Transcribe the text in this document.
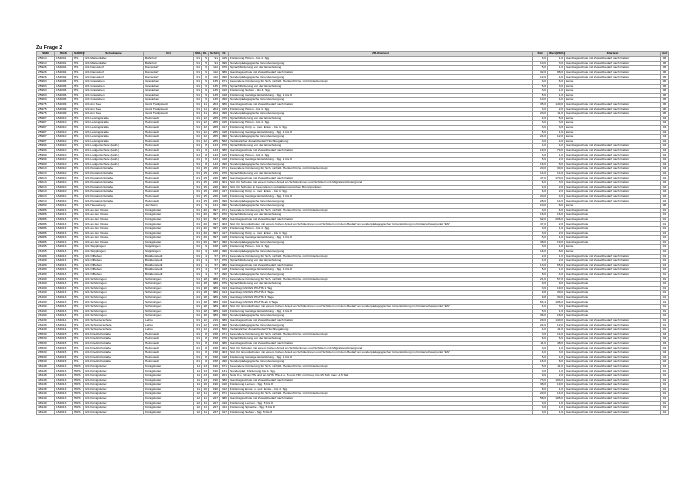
Zu Frage 2
SNR	BGS	SARKZ	Schulname	Ort	SKL	KL	SchCr	IS	ZB-Klartext	Std	Wert(2021)	Klartext	Anf
25914	154001	HS	GS Marienkäfer	Bahnhof	01	5	91	415	Förderung Hören - bis 4. Sjg.	3,0	1,0	Ganztagsschule mit Zusatzbedarf nach Faktor	06
25914	154001	HS	GS Marienkäfer	Bahnhof	01	5	91	490	Sonderpädagogische Grundversorgung	10,0	3,0	Ganztagsschule mit Zusatzbedarf nach Faktor	06
25926	154004	HS	GS Damsdorf	Damsdorf	01	6	112	076	Sprachförderung vor der Einschulung	5,0	1,0	Ganztagsschule mit Zusatzbedarf nach Faktor	06
25926	154004	HS	GS Damsdorf	Damsdorf	01	6	112	380	Ganztagsschule mit Zusatzbedarf nach Faktor	32,0	88,0	Ganztagsschule mit Zusatzbedarf nach Faktor	06
25926	154004	HS	GS Damsdorf	Damsdorf	01	6	112	490	Sonderpädagogische Grundversorgung	12,0	4,0	Ganztagsschule mit Zusatzbedarf nach Faktor	06
25963	154006	HS	GS Grasleben	Grasleben	01	6	135	071	besondere Förderung für Sch. nichtdt. Herkunft bzw. mit Förderkonzept	3,0	6,0	keine	06
25963	154006	HS	GS Grasleben	Grasleben	01	6	135	076	Sprachförderung vor der Einschulung	5,0	3,0	keine	06
25963	154006	HS	GS Grasleben	Grasleben	01	6	135	410	Förderung Sehen - bis 4. Sjg.	3,0	1,0	keine	06
25963	154006	HS	GS Grasleben	Grasleben	01	6	135	418	Förderung Geistige Entwicklung - Sjg. 1 bis 8	5,0	1,0	keine	06
25963	154006	HS	GS Grasleben	Grasleben	01	6	135	490	Sonderpädagogische Grundversorgung	10,0	4,0	keine	06
25975	154009	HS	GS Am See	Groß Twülpstedt	01	11	204	380	Ganztagsschule mit Zusatzbedarf nach Faktor	35,0	140,0	Ganztagsschule mit Zusatzbedarf nach Faktor	06
25975	154009	HS	GS Am See	Groß Twülpstedt	01	11	204	415	Förderung Hören - bis 4. Sjg.	3,0	2,0	Ganztagsschule mit Zusatzbedarf nach Faktor	06
25975	154009	HS	GS Am See	Groß Twülpstedt	01	11	204	490	Sonderpädagogische Grundversorgung	20,0	11,0	Ganztagsschule mit Zusatzbedarf nach Faktor	06
25987	154010	HS	GS Leisingstraße	Helmstedt	01	12	265	076	Sprachförderung vor der Einschulung	4,0	5,0	keine	04
25987	154010	HS	GS Leisingstraße	Helmstedt	01	12	265	415	Förderung Hören - bis 4. Sjg.	3,0	3,0	keine	04
25987	154010	HS	GS Leisingstraße	Helmstedt	01	12	265	417	Förderung Körp. u. mot. Entw. - bis 4. Sjg.	3,0	3,0	keine	04
25987	154010	HS	GS Leisingstraße	Helmstedt	01	12	265	418	Förderung Geistige Entwicklung - Sjg. 1 bis 8	5,0	1,0	keine	04
25987	154010	HS	GS Leisingstraße	Helmstedt	01	12	265	490	Sonderpädagogische Grundversorgung	24,0	12,0	keine	04
25987	154010	HS	GS Leisingstraße	Helmstedt	01	12	265	560	Verlässlicher Zusatzbedarf Hochbegabung	3,0	4,0	keine	04
25999	154010	HS	GS Ludgerischule (kath.)	Helmstedt	01	8	143	076	Sprachförderung vor der Einschulung	4,0	4,0	Ganztagsschule mit Zusatzbedarf nach Faktor	04
25999	154010	HS	GS Ludgerischule (kath.)	Helmstedt	01	8	143	380	Ganztagsschule mit Zusatzbedarf nach Faktor	19,0	79,0	Ganztagsschule mit Zusatzbedarf nach Faktor	04
25999	154010	HS	GS Ludgerischule (kath.)	Helmstedt	01	8	143	415	Förderung Hören - bis 4. Sjg.	3,0	1,0	Ganztagsschule mit Zusatzbedarf nach Faktor	04
25999	154010	HS	GS Ludgerischule (kath.)	Helmstedt	01	8	143	418	Förderung Geistige Entwicklung - Sjg. 1 bis 8	5,0	2,0	Ganztagsschule mit Zusatzbedarf nach Faktor	04
25999	154010	HS	GS Ludgerischule (kath.)	Helmstedt	01	8	143	490	Sonderpädagogische Grundversorgung	16,0	8,0	Ganztagsschule mit Zusatzbedarf nach Faktor	04
26013	154010	HS	GS Pestalozzistraße	Helmstedt	01	15	246	071	besondere Förderung für Sch. nichtdt. Herkunft bzw. mit Förderkonzept	20,0	30,0	Ganztagsschule mit Zusatzbedarf nach Faktor	04
26013	154010	HS	GS Pestalozzistraße	Helmstedt	01	15	246	076	Sprachförderung vor der Einschulung	14,0	14,0	Ganztagsschule mit Zusatzbedarf nach Faktor	04
26013	154010	HS	GS Pestalozzistraße	Helmstedt	01	15	246	380	Ganztagsschule mit Zusatzbedarf nach Faktor	47,0	170,0	Ganztagsschule mit Zusatzbedarf nach Faktor	04
26013	154010	HS	GS Pestalozzistraße	Helmstedt	01	15	246	401	Std. für Schulen mit einem hohen Anteil an Schülerinnen und Schülern mit Migrationshintergrund	6,0	3,0	Ganztagsschule mit Zusatzbedarf nach Faktor	04
26013	154010	HS	GS Pestalozzistraße	Helmstedt	01	15	246	402	Std. für Schulen in besonderen sozialökonomischen Brennpunkten	4,0	2,0	Ganztagsschule mit Zusatzbedarf nach Faktor	04
26013	154010	HS	GS Pestalozzistraße	Helmstedt	01	15	246	417	Förderung Körp. u. mot. Entw. - bis 4. Sjg.	6,0	2,0	Ganztagsschule mit Zusatzbedarf nach Faktor	04
26013	154010	HS	GS Pestalozzistraße	Helmstedt	01	15	246	418	Förderung Geistige Entwicklung - Sjg. 1 bis 8	20,0	4,0	Ganztagsschule mit Zusatzbedarf nach Faktor	04
26013	154010	HS	GS Pestalozzistraße	Helmstedt	01	15	246	490	Sonderpädagogische Grundversorgung	28,0	14,0	Ganztagsschule mit Zusatzbedarf nach Faktor	04
26050	154012	HS	GS Heeseberg	Jerxheim	01	9	141	490	Sonderpädagogische Grundversorgung	10,0	8,0	keine	06
26086	154013	HS	GS an der Oreke	Königslutter	01	20	397	071	besondere Förderung für Sch. nichtdt. Herkunft bzw. mit Förderkonzept	3,0	6,0	Ganztagsschule	01
26086	154013	HS	GS an der Oreke	Königslutter	01	20	397	076	Sprachförderung vor der Einschulung	16,0	16,0	Ganztagsschule	01
26086	154013	HS	GS an der Oreke	Königslutter	01	20	397	380	Ganztagsschule mit Zusatzbedarf nach Faktor	62,0	206,0	Ganztagsschule	01
26086	154013	HS	GS an der Oreke	Königslutter	01	20	397	403	Std. für Grundschulen mit einem hohen Anteil an Schülerinnen und Schülern mit dem Bedarf an sonderpädagogischer Unterstützung im Förderschwerpunkt "ES"	47,0	2,0	Ganztagsschule	01
26086	154013	HS	GS an der Oreke	Königslutter	01	20	397	415	Förderung Hören - bis 4. Sjg.	3,0	1,0	Ganztagsschule	01
26086	154013	HS	GS an der Oreke	Königslutter	01	20	397	417	Förderung Körp. u. mot. Entw. - bis 4. Sjg.	3,0	2,0	Ganztagsschule	01
26086	154013	HS	GS an der Oreke	Königslutter	01	20	397	418	Förderung Geistige Entwicklung - Sjg. 1 bis 8	5,0	1,0	Ganztagsschule	01
26086	154013	HS	GS an der Oreke	Königslutter	01	20	397	490	Sonderpädagogische Grundversorgung	38,0	19,0	Ganztagsschule	01
26165	154013	HS	GS Süpplingen	Süpplingen	01	9	168	415	Förderung Hören - bis 4. Sjg.	3,0	1,0	keine	01
26165	154013	HS	GS Süpplingen	Süpplingen	01	9	168	490	Sonderpädagogische Grundversorgung	16,0	8,0	keine	01
26189	154013	HS	GS Offleben	Büddenstedt	01	4	57	071	besondere Förderung für Sch. nichtdt. Herkunft bzw. mit Förderkonzept	2,0	1,0	Ganztagsschule mit Zusatzbedarf nach Faktor	01
26189	154013	HS	GS Offleben	Büddenstedt	01	4	57	076	Sprachförderung vor der Einschulung	4,0	2,0	Ganztagsschule mit Zusatzbedarf nach Faktor	01
26189	154013	HS	GS Offleben	Büddenstedt	01	4	57	380	Ganztagsschule mit Zusatzbedarf nach Faktor	13,0	65,0	Ganztagsschule mit Zusatzbedarf nach Faktor	01
26189	154013	HS	GS Offleben	Büddenstedt	01	4	57	418	Förderung Geistige Entwicklung - Sjg. 1 bis 8	5,0	1,0	Ganztagsschule mit Zusatzbedarf nach Faktor	01
26189	154013	HS	GS Offleben	Büddenstedt	01	4	57	490	Sonderpädagogische Grundversorgung	8,0	4,0	Ganztagsschule mit Zusatzbedarf nach Faktor	01
26190	154013	HS	GS Schöningen	Schöningen	01	18	389	071	besondere Förderung für Sch. nichtdt. Herkunft bzw. mit Förderkonzept	21,0	57,0	Ganztagsschule	01
26190	154013	HS	GS Schöningen	Schöningen	01	18	389	076	Sprachförderung vor der Einschulung	9,0	9,0	Ganztagsschule	01
26190	154013	HS	GS Schöningen	Schöningen	01	18	389	313	Ganztag GS/IGS Pfl./HS 1 Tag	3,6	19,0	Ganztagsschule	01
26190	154013	HS	GS Schöningen	Schöningen	01	18	389	314	Ganztag GS/IGS Pfl./HS 2 Tage	9,8	30,0	Ganztagsschule	01
26190	154013	HS	GS Schöningen	Schöningen	01	18	389	315	Ganztag GS/IGS Pfl./HS 3 Tage	9,8	30,0	Ganztagsschule	01
26190	154013	HS	GS Schöningen	Schöningen	01	18	389	316	Ganztag GS/IGS Pfl./HS ab 3 Tage	54,4	106,0	Ganztagsschule	01
26190	154013	HS	GS Schöningen	Schöningen	01	18	389	403	Std. für Grundschulen mit einem hohen Anteil an Schülerinnen und Schülern mit dem Bedarf an sonderpädagogischer Unterstützung im Förderschwerpunkt "ES"	4,0	3,0	Ganztagsschule	01
26190	154013	HS	GS Schöningen	Schöningen	01	18	389	418	Förderung Geistige Entwicklung - Sjg. 1 bis 8	5,0	1,0	Ganztagsschule	01
26190	154013	HS	GS Schöningen	Schöningen	01	18	389	490	Sonderpädagogische Grundversorgung	36,0	18,0	Ganztagsschule	01
26439	154014	HS	GS Schunterschule	Lehre	01	12	219	380	Ganztagsschule mit Zusatzbedarf nach Faktor	29,0	140,0	Ganztagsschule mit Zusatzbedarf nach Faktor	01
26439	154014	HS	GS Schunterschule	Lehre	01	12	219	490	Sonderpädagogische Grundversorgung	24,0	12,0	Ganztagsschule mit Zusatzbedarf nach Faktor	01
26439	154014	HS	GS Schunterschule	Lehre	01	12	219	560	Verlässlicher Zusatzbedarf Hochbegabung	4,0	11,0	Ganztagsschule mit Zusatzbedarf nach Faktor	01
26530	154015	HS	GS Friedrichstraße	Helmstedt	01	8	158	071	besondere Förderung für Sch. nichtdt. Herkunft bzw. mit Förderkonzept	3,0	14,0	Ganztagsschule mit Zusatzbedarf nach Faktor	04
26530	154015	HS	GS Friedrichstraße	Helmstedt	01	8	158	076	Sprachförderung vor der Einschulung	6,0	6,0	Ganztagsschule mit Zusatzbedarf nach Faktor	04
26530	154015	HS	GS Friedrichstraße	Helmstedt	01	8	158	380	Ganztagsschule mit Zusatzbedarf nach Faktor	11,0	48,0	Ganztagsschule mit Zusatzbedarf nach Faktor	04
26530	154015	HS	GS Friedrichstraße	Helmstedt	01	8	158	401	Std. für Schulen mit einem hohen Anteil an Schülerinnen und Schülern mit Migrationshintergrund	3,0	1,0	Ganztagsschule mit Zusatzbedarf nach Faktor	04
26530	154015	HS	GS Friedrichstraße	Helmstedt	01	8	158	403	Std. für Grundschulen mit einem hohen Anteil an Schülerinnen und Schülern mit dem Bedarf an sonderpädagogischer Unterstützung im Förderschwerpunkt "ES"	4,0	3,0	Ganztagsschule mit Zusatzbedarf nach Faktor	04
26530	154015	HS	GS Friedrichstraße	Helmstedt	01	8	158	418	Förderung Geistige Entwicklung - Sjg. 1 bis 8	5,0	1,0	Ganztagsschule mit Zusatzbedarf nach Faktor	04
26530	154015	HS	GS Friedrichstraße	Helmstedt	01	8	158	490	Sonderpädagogische Grundversorgung	16,0	8,0	Ganztagsschule mit Zusatzbedarf nach Faktor	04
48148	154013	HRS	GS Königslutter	Königslutter	11	13	190	071	besondere Förderung für Sch. nichtdt. Herkunft bzw. mit Förderkonzept	5,0	11,0	Ganztagsschule mit Zusatzbedarf nach Faktor	01
48148	154013	HRS	GS Königslutter	Königslutter	11	13	190	131	Sonderpäd. Förderung bis 4. Sjg.	3,0	1,0	Ganztagsschule mit Zusatzbedarf nach Faktor	01
48148	154013	HRS	GS Königslutter	Königslutter	11	13	190	201	SuG 9 u. 10 an HS und an GHS HS+1 u. 5 und..HR, mit Freq. bis 25 Sch max. 4,5 Std.	9,0	2,0	Ganztagsschule mit Zusatzbedarf nach Faktor	01
48148	154013	HRS	GS Königslutter	Königslutter	11	13	190	380	Ganztagsschule mit Zusatzbedarf nach Faktor	73,0	103,0	Ganztagsschule mit Zusatzbedarf nach Faktor	01
48148	154013	HRS	GS Königslutter	Königslutter	11	10	190	410	Förderung Lernen - Sjg. 5 bis 8	38,0	19,0	Ganztagsschule mit Zusatzbedarf nach Faktor	01
48148	154013	HRS	GS Königslutter	Königslutter	11	10	190	412	Förderung Emot. u. soz. Entw. - bis 4. Sjg.	8,0	1,0	Ganztagsschule mit Zusatzbedarf nach Faktor	01
48149	154013	HRS	GS Königslutter	Königslutter	12	11	227	071	besondere Förderung für Sch. nichtdt. Herkunft bzw. mit Förderkonzept	20,0	14,0	Ganztagsschule mit Zusatzbedarf nach Faktor	01
48149	154013	HRS	GS Königslutter	Königslutter	12	11	227	380	Ganztagsschule mit Zusatzbedarf nach Faktor	58,0	105,0	Ganztagsschule mit Zusatzbedarf nach Faktor	01
48149	154013	HRS	GS Königslutter	Königslutter	12	11	227	410	Förderung Lernen - Sjg. 5 bis 8	3,0	1,0	Ganztagsschule mit Zusatzbedarf nach Faktor	01
48149	154013	HRS	GS Königslutter	Königslutter	12	11	227	411	Förderung Sprache - Sjg. 5 bis 8	3,0	1,0	Ganztagsschule mit Zusatzbedarf nach Faktor	01
48149	154013	HRS	GS Königslutter	Königslutter	12	11	227	417	Förderung Sehen - Sjg. 5 bis 8	3,0	1,0	Ganztagsschule mit Zusatzbedarf nach Faktor	01
